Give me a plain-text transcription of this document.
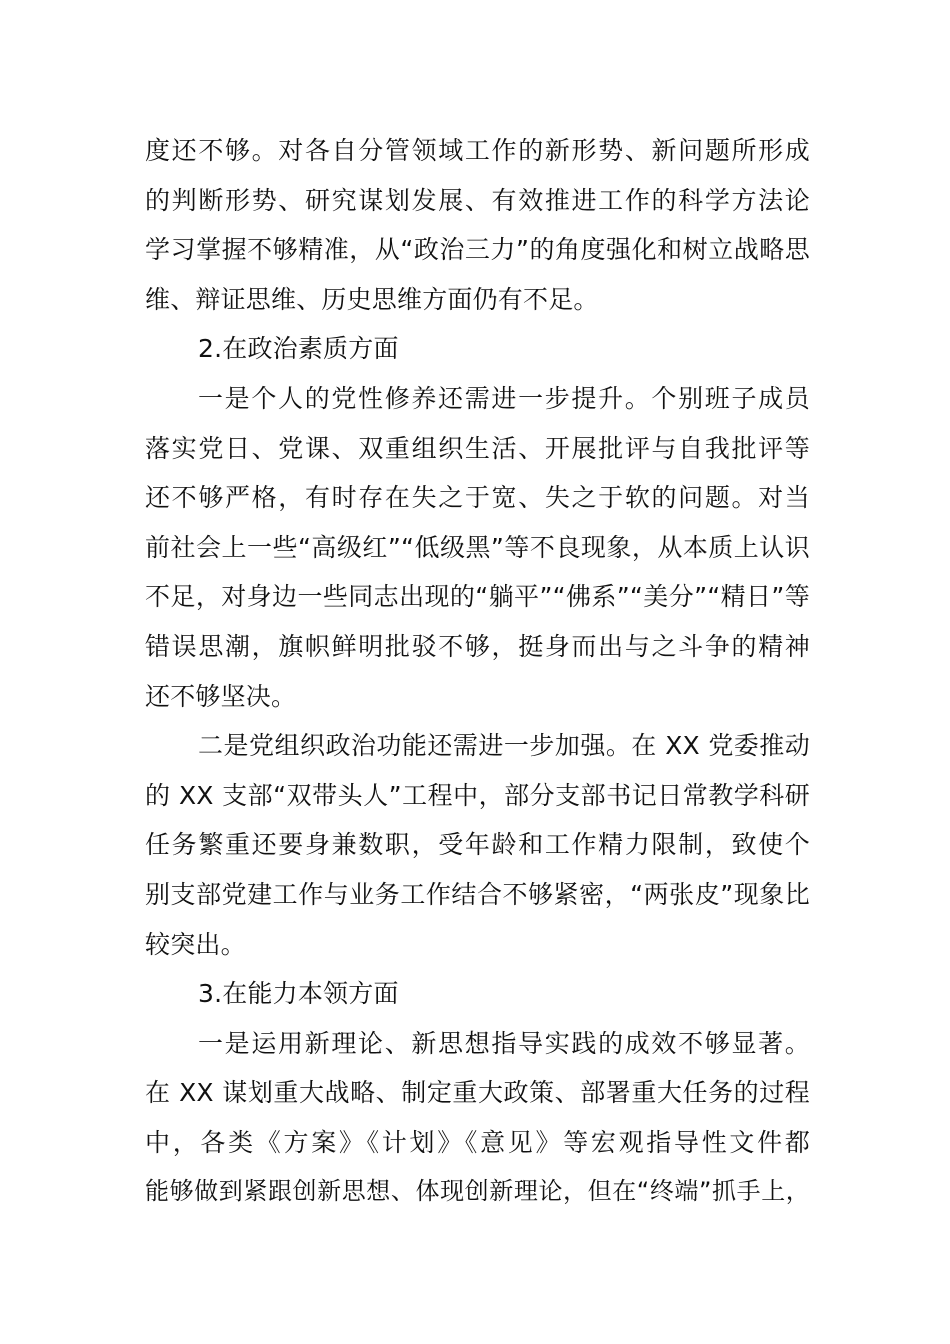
度还不够。对各自分管领域工作的新形势、新问题所形成
的判断形势、研究谋划发展、有效推进工作的科学方法论
学习掌握不够精准，从“政治三力”的角度强化和树立战略思
维、辩证思维、历史思维方面仍有不足。
2.在政治素质方面
一是个人的党性修养还需进一步提升。个别班子成员
落实党日、党课、双重组织生活、开展批评与自我批评等
还不够严格，有时存在失之于宽、失之于软的问题。对当
前社会上一些“高级红”“低级黑”等不良现象，从本质上认识
不足，对身边一些同志出现的“躺平”“佛系”“美分”“精日”等
错误思潮，旗帜鲜明批驳不够，挺身而出与之斗争的精神
还不够坚决。
二是党组织政治功能还需进一步加强。在 XX 党委推动
的 XX 支部“双带头人”工程中，部分支部书记日常教学科研
任务繁重还要身兼数职，受年龄和工作精力限制，致使个
别支部党建工作与业务工作结合不够紧密，“两张皮”现象比
较突出。
3.在能力本领方面
一是运用新理论、新思想指导实践的成效不够显著。
在 XX 谋划重大战略、制定重大政策、部署重大任务的过程
中，各类《方案》《计划》《意见》等宏观指导性文件都
能够做到紧跟创新思想、体现创新理论，但在“终端”抓手上，
